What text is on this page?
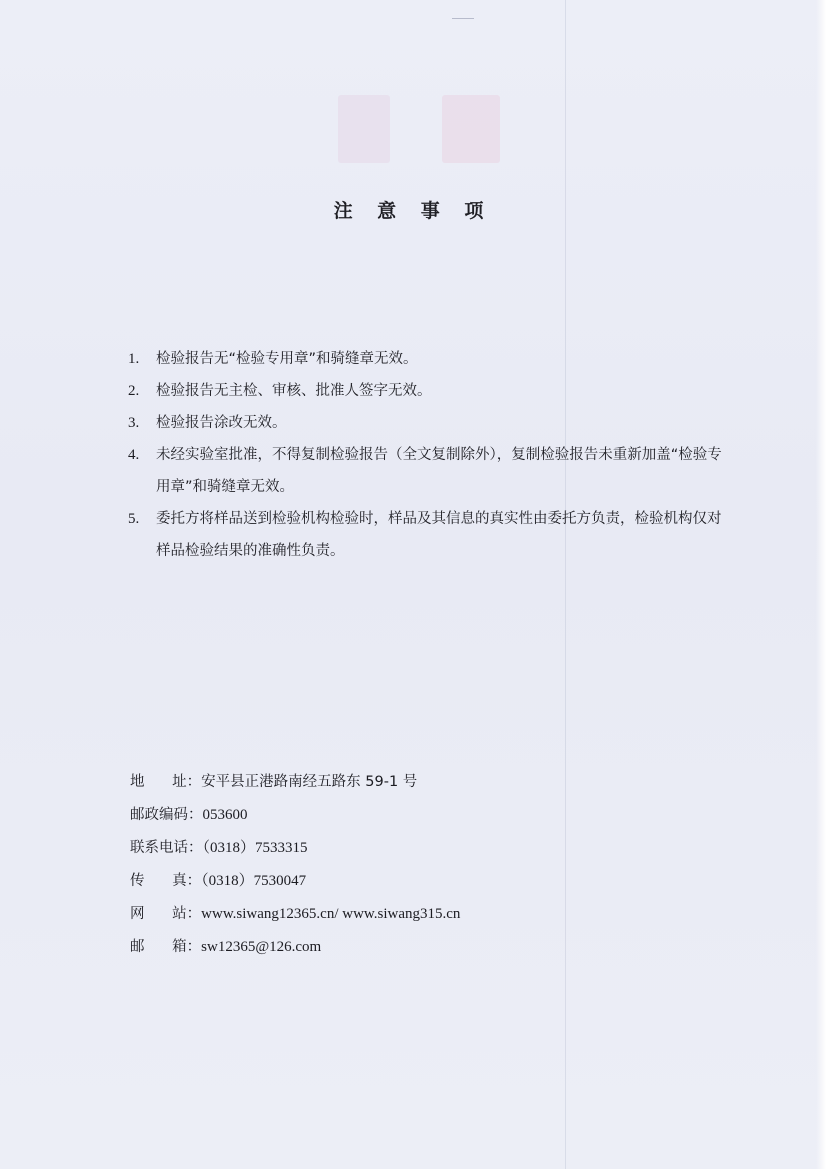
注 意 事 项
1.	检验报告无“检验专用章”和骑缝章无效。
2.	检验报告无主检、审核、批准人签字无效。
3.	检验报告涂改无效。
4.	未经实验室批准，不得复制检验报告（全文复制除外），复制检验报告未重新加盖“检验专用章”和骑缝章无效。
5.	委托方将样品送到检验机构检验时，样品及其信息的真实性由委托方负责，检验机构仅对样品检验结果的准确性负责。
地      址：安平县正港路南经五路东 59-1 号
邮政编码：053600
联系电话：（0318）7533315
传      真：（0318）7530047
网      站：www.siwang12365.cn/ www.siwang315.cn
邮      箱：sw12365@126.com
